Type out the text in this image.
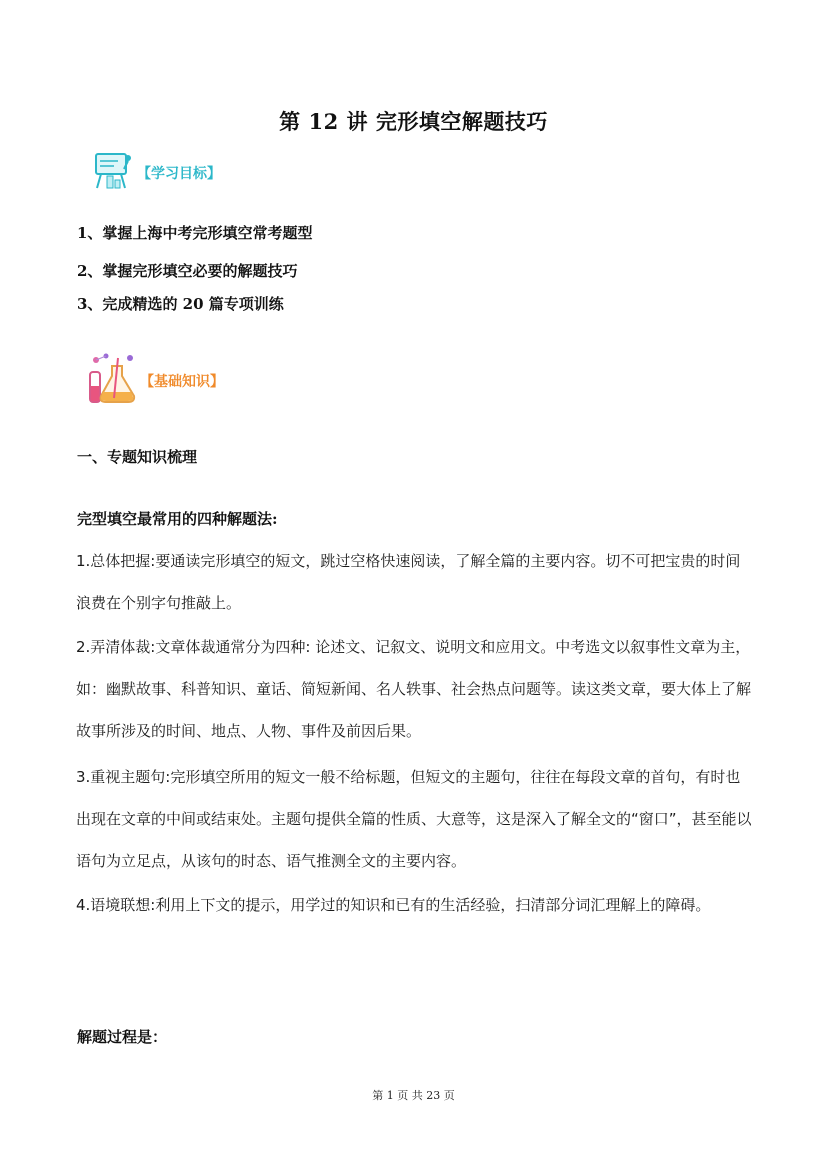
第 12 讲 完形填空解题技巧
【学习目标】
1、掌握上海中考完形填空常考题型
2、掌握完形填空必要的解题技巧
3、完成精选的 20 篇专项训练
【基础知识】
一、专题知识梳理
完型填空最常用的四种解题法:
1.总体把握:要通读完形填空的短文，跳过空格快速阅读，了解全篇的主要内容。切不可把宝贵的时间浪费在个别字句推敲上。
2.弄清体裁:文章体裁通常分为四种: 论述文、记叙文、说明文和应用文。中考选文以叙事性文章为主，如：幽默故事、科普知识、童话、简短新闻、名人轶事、社会热点问题等。读这类文章，要大体上了解故事所涉及的时间、地点、人物、事件及前因后果。
3.重视主题句:完形填空所用的短文一般不给标题，但短文的主题句，往往在每段文章的首句，有时也出现在文章的中间或结束处。主题句提供全篇的性质、大意等，这是深入了解全文的“窗口”，甚至能以语句为立足点，从该句的时态、语气推测全文的主要内容。
4.语境联想:利用上下文的提示，用学过的知识和已有的生活经验，扫清部分词汇理解上的障碍。
解题过程是：
第 1 页 共 23 页
